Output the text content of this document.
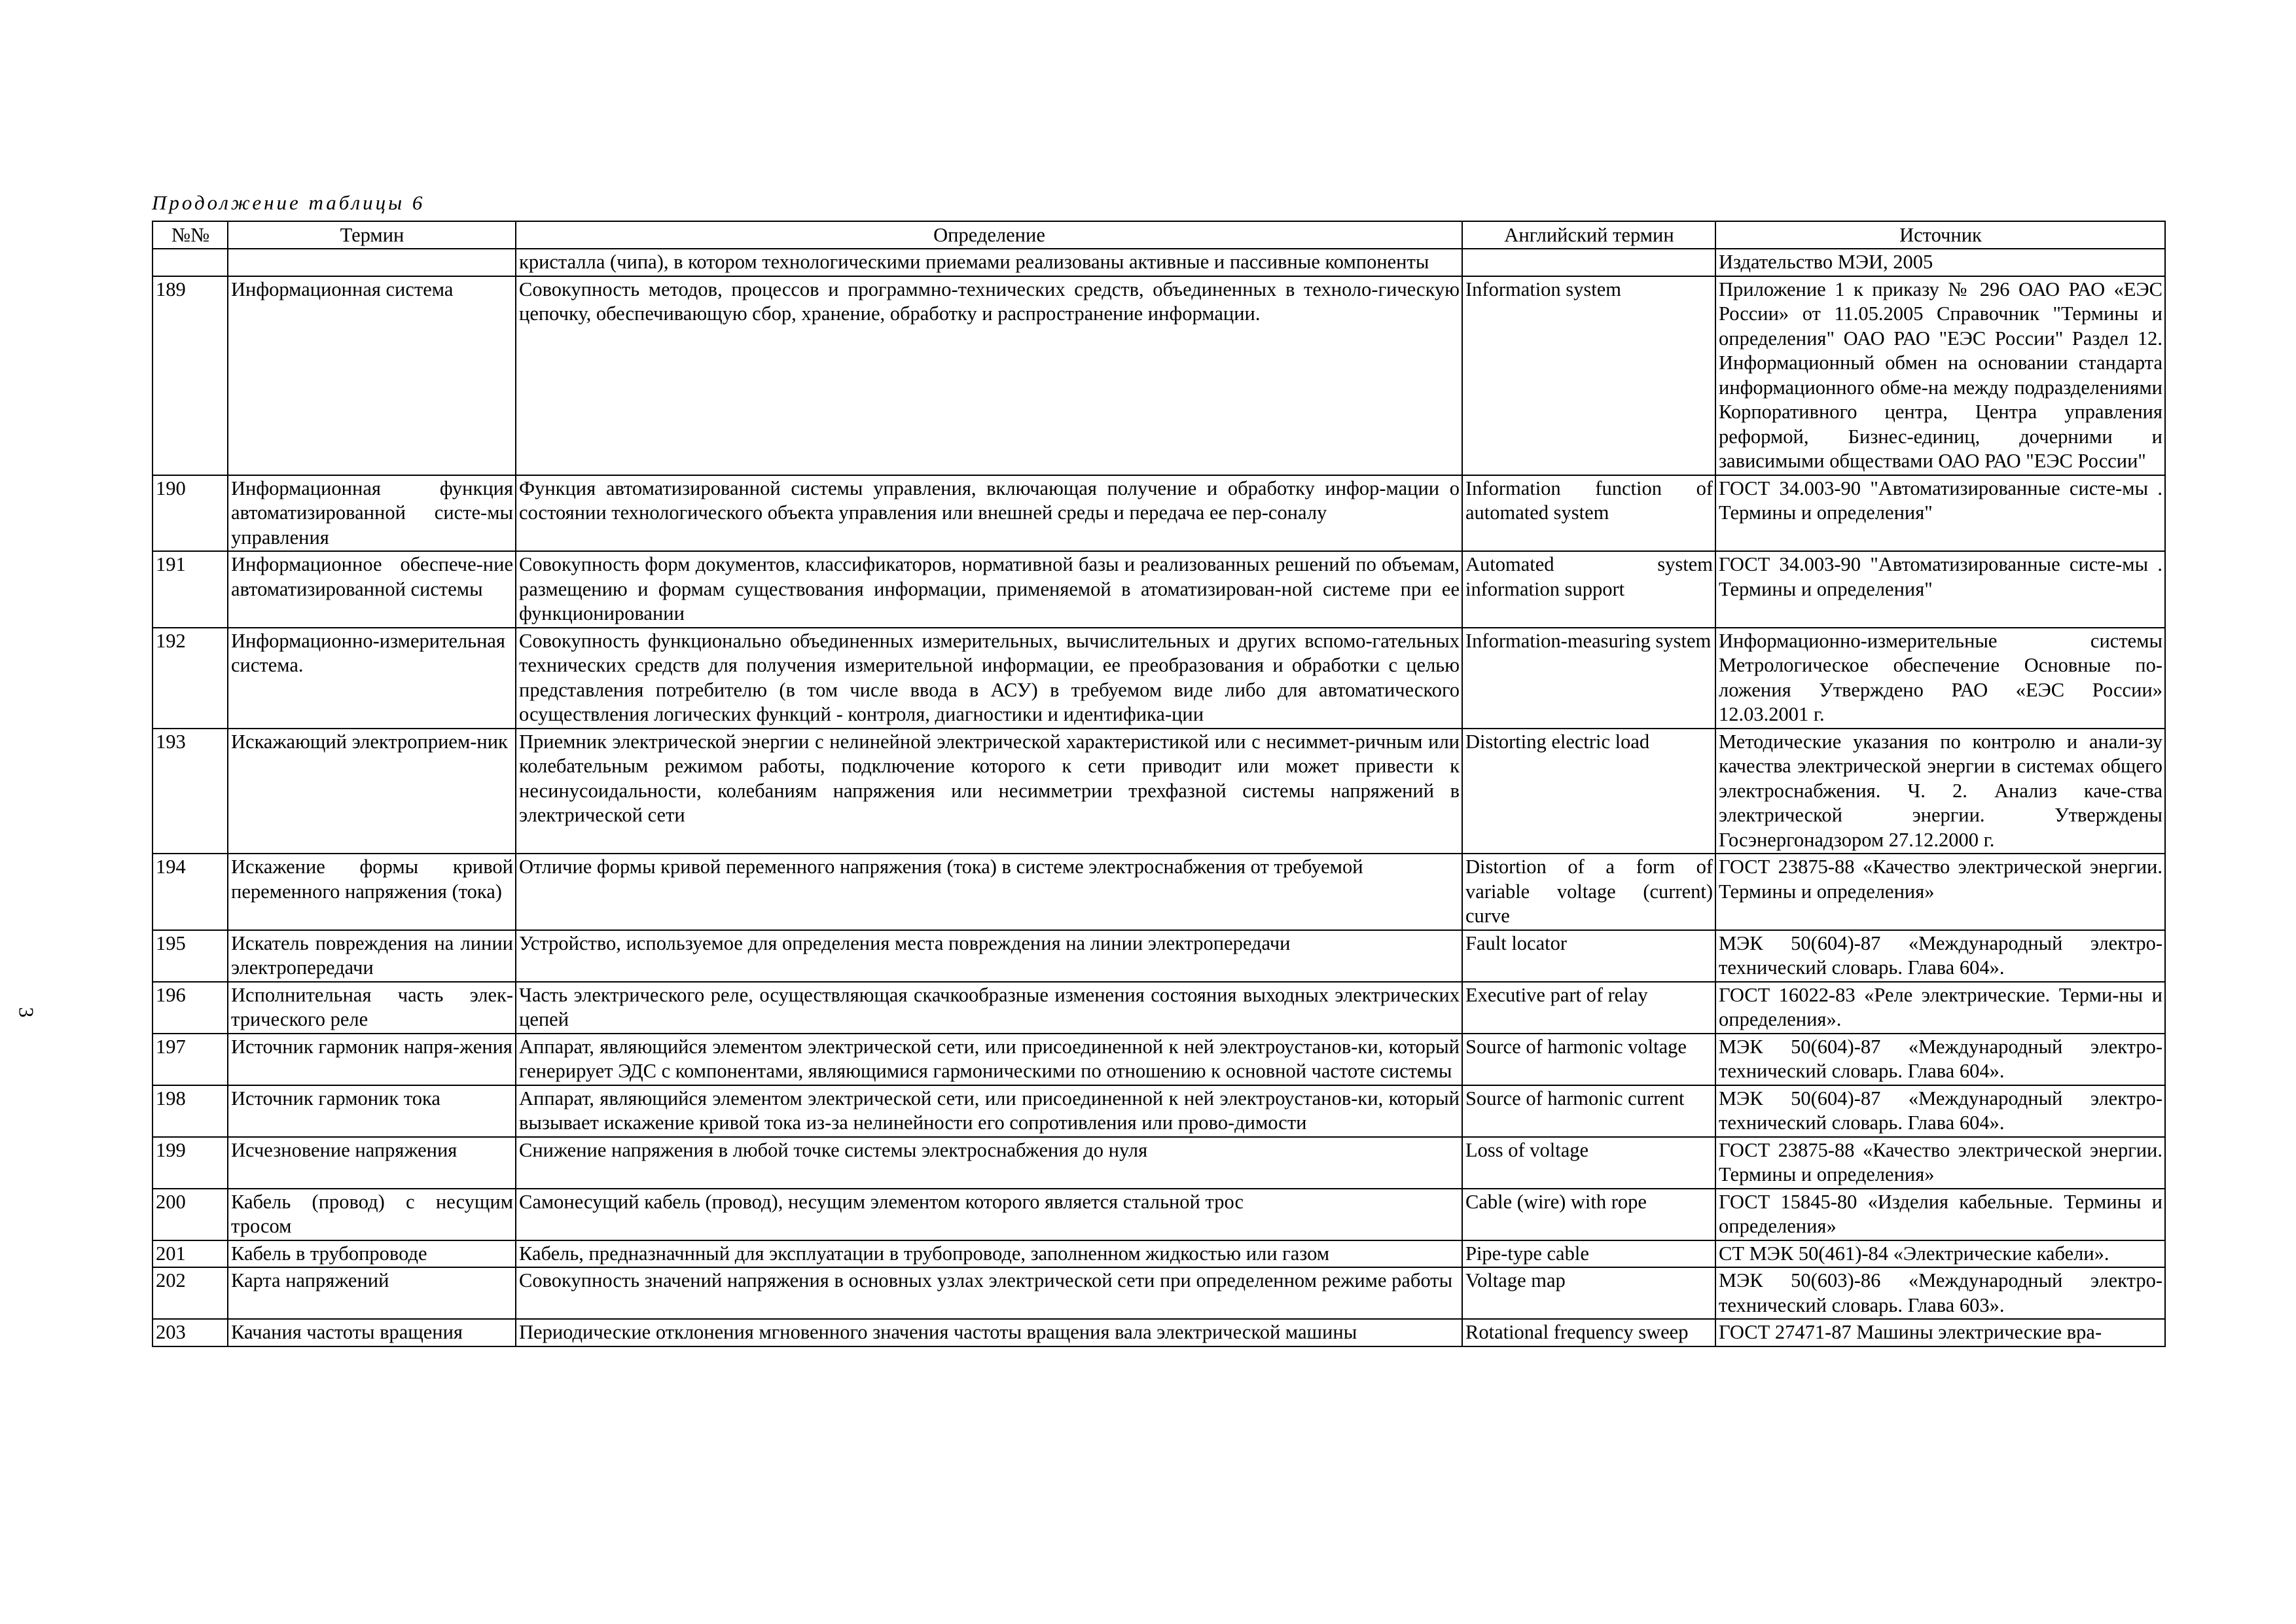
Продолжение таблицы 6
3
№№	Термин	Определение	Английский термин	Источник
		кристалла (чипа), в котором технологическими приемами реализованы активные и пассивные компоненты		Издательство МЭИ, 2005
189	Информационная система	Совокупность методов, процессов и программно-технических средств, объединенных в техноло-гическую цепочку, обеспечивающую сбор, хранение, обработку и распространение информации.	Information system	Приложение 1 к приказу № 296 ОАО РАО «ЕЭС России» от 11.05.2005 Справочник "Термины и определения" ОАО РАО "ЕЭС России" Раздел 12. Информационный обмен на основании стандарта информационного обме-на между подразделениями Корпоративного центра, Центра управления реформой, Бизнес-единиц, дочерними и зависимыми обществами ОАО РАО "ЕЭС России"
190	Информационная функция автоматизированной систе-мы управления	Функция автоматизированной системы управления, включающая получение и обработку инфор-мации о состоянии технологического объекта управления или внешней среды и передача ее пер-соналу	Information function of automated system	ГОСТ 34.003-90 "Автоматизированные систе-мы . Термины и определения"
191	Информационное обеспече-ние автоматизированной системы	Совокупность форм документов, классификаторов, нормативной базы и реализованных решений по объемам, размещению и формам существования информации, применяемой в атоматизирован-ной системе при ее функционировании	Automated system information support	ГОСТ 34.003-90 "Автоматизированные систе-мы . Термины и определения"
192	Информационно-измерительная система.	Совокупность функционально объединенных измерительных, вычислительных и других вспомо-гательных технических средств для получения измерительной информации, ее преобразования и обработки с целью представления потребителю (в том числе ввода в АСУ) в требуемом виде либо для автоматического осуществления логических функций - контроля, диагностики и идентифика-ции	Information-measuring system	Информационно-измерительные системы Метрологическое обеспечение Основные по-ложения Утверждено РАО «ЕЭС России» 12.03.2001 г.
193	Искажающий электроприем-ник	Приемник электрической энергии с нелинейной электрической характеристикой или с несиммет-ричным или колебательным режимом работы, подключение которого к сети приводит или может привести к несинусоидальности, колебаниям напряжения или несимметрии трехфазной системы напряжений в электрической сети	Distorting electric load	Методические указания по контролю и анали-зу качества электрической энергии в системах общего электроснабжения. Ч. 2. Анализ каче-ства электрической энергии. Утверждены Госэнергонадзором 27.12.2000 г.
194	Искажение формы кривой переменного напряжения (тока)	Отличие формы кривой переменного напряжения (тока) в системе электроснабжения от требуемой	Distortion of a form of variable voltage (current) curve	ГОСТ 23875-88 «Качество электрической энергии. Термины и определения»
195	Искатель повреждения на линии электропередачи	Устройство, используемое для определения места повреждения на линии электропередачи	Fault locator	МЭК 50(604)-87 «Международный электро-технический словарь. Глава 604».
196	Исполнительная часть элек-трического реле	Часть электрического реле, осуществляющая скачкообразные изменения состояния выходных электрических цепей	Executive part of relay	ГОСТ 16022-83 «Реле электрические. Терми-ны и определения».
197	Источник гармоник напря-жения	Аппарат, являющийся элементом электрической сети, или присоединенной к ней электроустанов-ки, который генерирует ЭДС с компонентами, являющимися гармоническими по отношению к основной частоте системы	Source of harmonic voltage	МЭК 50(604)-87 «Международный электро-технический словарь. Глава 604».
198	Источник гармоник тока	Аппарат, являющийся элементом электрической сети, или присоединенной к ней электроустанов-ки, который вызывает искажение кривой тока из-за нелинейности его сопротивления или прово-димости	Source of harmonic current	МЭК 50(604)-87 «Международный электро-технический словарь. Глава 604».
199	Исчезновение напряжения	Снижение напряжения в любой точке системы электроснабжения до нуля	Loss of voltage	ГОСТ 23875-88 «Качество электрической энергии. Термины и определения»
200	Кабель (провод) с несущим тросом	Самонесущий кабель (провод), несущим элементом которого является стальной трос	Cable (wire) with rope	ГОСТ 15845-80 «Изделия кабельные. Термины и определения»
201	Кабель в трубопроводе	Кабель, предназначнный для эксплуатации в трубопроводе, заполненном жидкостью или газом	Pipe-type cable	СТ МЭК 50(461)-84 «Электрические кабели».
202	Карта напряжений	Совокупность значений напряжения в основных узлах электрической сети при определенном режиме работы	Voltage map	МЭК 50(603)-86 «Международный электро-технический словарь. Глава 603».
203	Качания частоты вращения	Периодические отклонения мгновенного значения частоты вращения вала электрической машины	Rotational frequency sweep	ГОСТ 27471-87 Машины электрические вра-
